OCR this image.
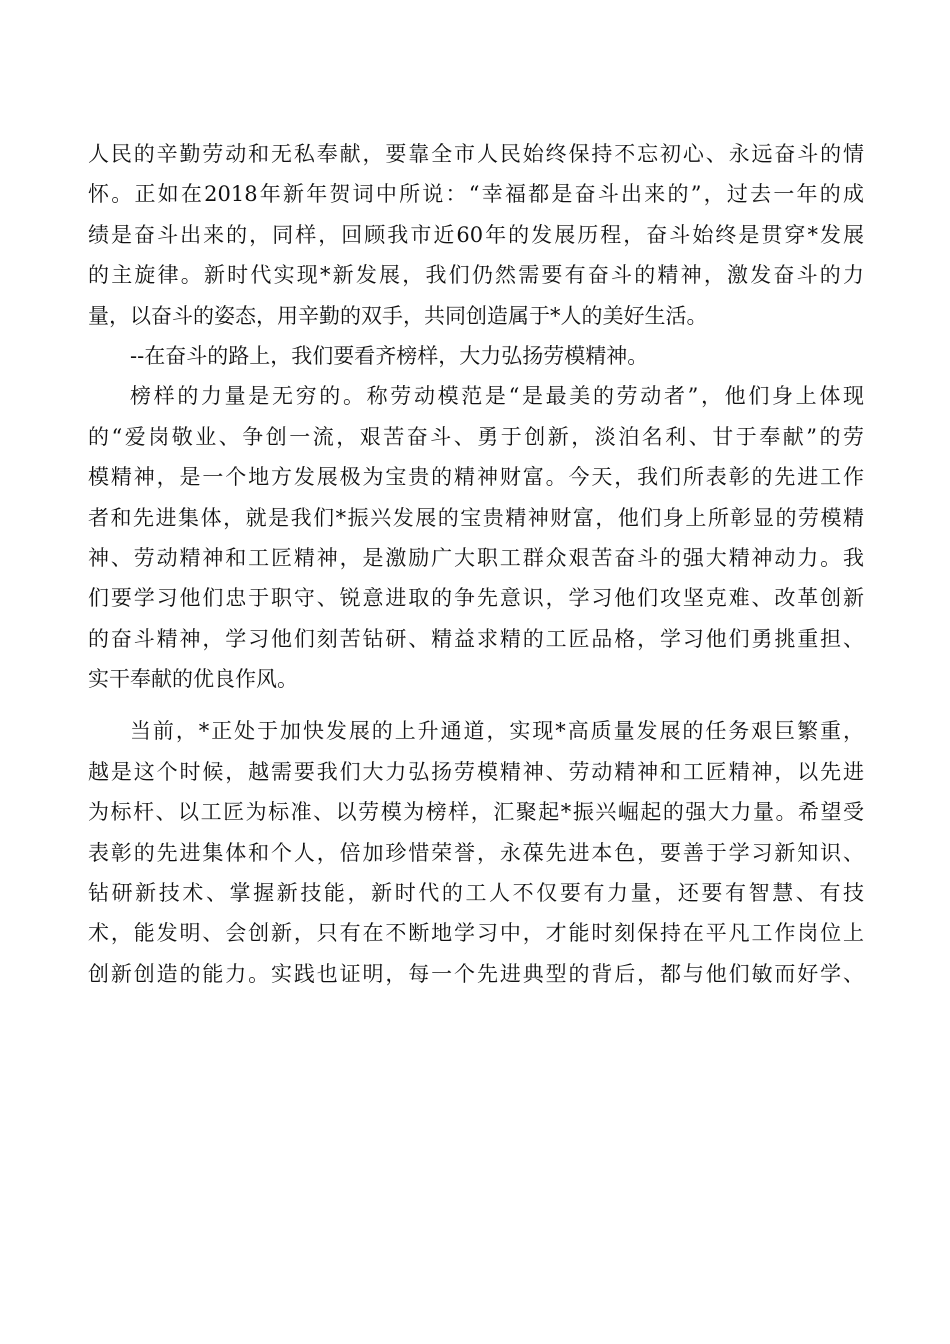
人民的辛勤劳动和无私奉献，要靠全市人民始终保持不忘初心、永远奋斗的情
怀。正如在2018年新年贺词中所说：“幸福都是奋斗出来的”，过去一年的成
绩是奋斗出来的，同样，回顾我市近60年的发展历程，奋斗始终是贯穿*发展
的主旋律。新时代实现*新发展，我们仍然需要有奋斗的精神，激发奋斗的力
量，以奋斗的姿态，用辛勤的双手，共同创造属于*人的美好生活。
--在奋斗的路上，我们要看齐榜样，大力弘扬劳模精神。
榜样的力量是无穷的。称劳动模范是“是最美的劳动者”，他们身上体现
的“爱岗敬业、争创一流，艰苦奋斗、勇于创新，淡泊名利、甘于奉献”的劳
模精神，是一个地方发展极为宝贵的精神财富。今天，我们所表彰的先进工作
者和先进集体，就是我们*振兴发展的宝贵精神财富，他们身上所彰显的劳模精
神、劳动精神和工匠精神，是激励广大职工群众艰苦奋斗的强大精神动力。我
们要学习他们忠于职守、锐意进取的争先意识，学习他们攻坚克难、改革创新
的奋斗精神，学习他们刻苦钻研、精益求精的工匠品格，学习他们勇挑重担、
实干奉献的优良作风。
当前，*正处于加快发展的上升通道，实现*高质量发展的任务艰巨繁重，
越是这个时候，越需要我们大力弘扬劳模精神、劳动精神和工匠精神，以先进
为标杆、以工匠为标准、以劳模为榜样，汇聚起*振兴崛起的强大力量。希望受
表彰的先进集体和个人，倍加珍惜荣誉，永葆先进本色，要善于学习新知识、
钻研新技术、掌握新技能，新时代的工人不仅要有力量，还要有智慧、有技
术，能发明、会创新，只有在不断地学习中，才能时刻保持在平凡工作岗位上
创新创造的能力。实践也证明，每一个先进典型的背后，都与他们敏而好学、
